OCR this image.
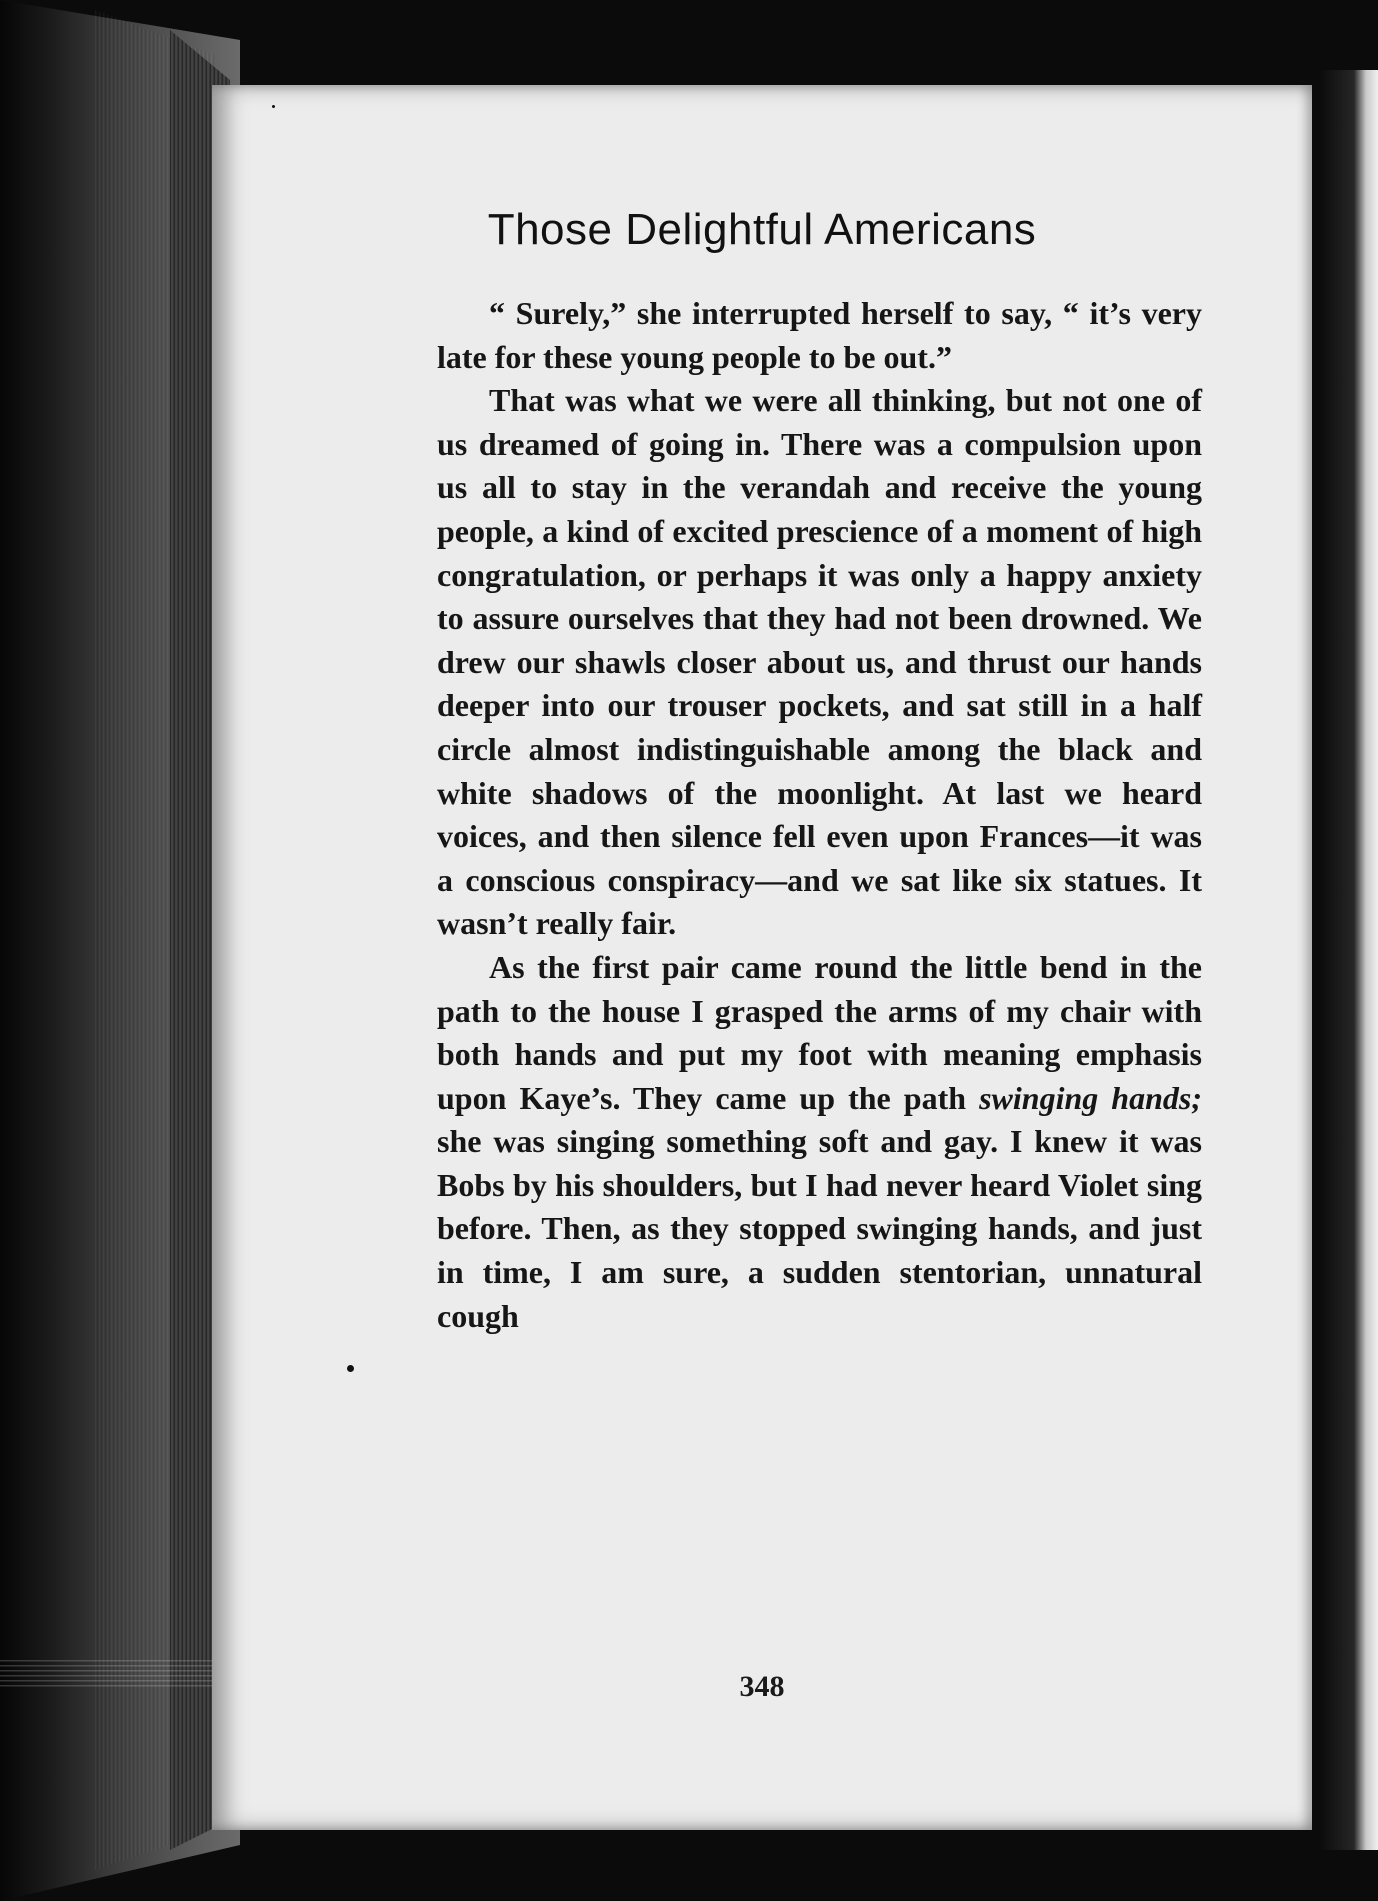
Those Delightful Americans

“ Surely,” she interrupted herself to say, “ it’s very late for these young people to be out.”

That was what we were all thinking, but not one of us dreamed of going in. There was a compulsion upon us all to stay in the verandah and receive the young people, a kind of excited prescience of a moment of high congratulation, or perhaps it was only a happy anxiety to assure ourselves that they had not been drowned. We drew our shawls closer about us, and thrust our hands deeper into our trouser pockets, and sat still in a half circle almost indistinguishable among the black and white shadows of the moonlight. At last we heard voices, and then silence fell even upon Frances—it was a conscious conspiracy—and we sat like six statues. It wasn’t really fair.

As the first pair came round the little bend in the path to the house I grasped the arms of my chair with both hands and put my foot with meaning emphasis upon Kaye’s. They came up the path swinging hands; she was singing something soft and gay. I knew it was Bobs by his shoulders, but I had never heard Violet sing before. Then, as they stopped swinging hands, and just in time, I am sure, a sudden stentorian, unnatural cough

348
